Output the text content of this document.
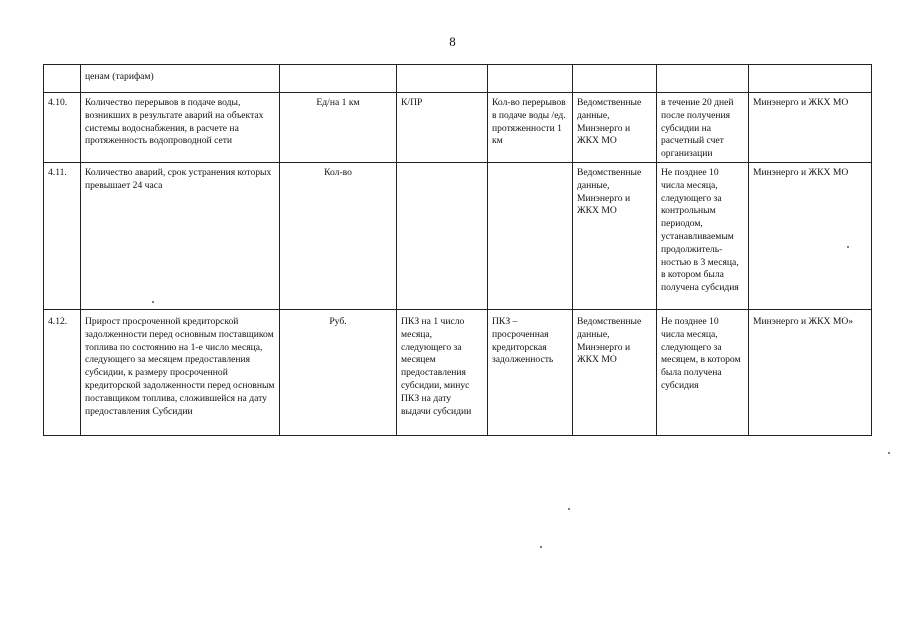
8
	ценам (тарифам)						
4.10.	Количество перерывов в подаче воды, возникших в результате аварий на объектах системы водоснабжения, в расчете на протяженность водопроводной сети	Ед/на 1 км	К/ПР	Кол-во перерывов в подаче воды /ед. протяженности 1 км	Ведомственные данные, Минэнерго и ЖКХ МО	в течение 20 дней после получения субсидии на расчетный счет организации	Минэнерго и ЖКХ МО
4.11.	Количество аварий, срок устранения которых превышает 24 часа	Кол-во			Ведомственные данные, Минэнерго и ЖКХ МО	Не позднее 10 числа месяца, следующего за контрольным периодом, устанавливаемым продолжитель-ностью в 3 месяца, в котором была получена субсидия	Минэнерго и ЖКХ МО
4.12.	Прирост просроченной кредиторской задолженности перед основным поставщиком топлива по состоянию на 1-е число месяца, следующего за месяцем предоставления субсидии, к размеру просроченной кредиторской задолженности перед основным поставщиком топлива, сложившейся на дату предоставления Субсидии	Руб.	ПКЗ на 1 число месяца, следующего за месяцем предоставления субсидии, минус ПКЗ на дату выдачи субсидии	ПКЗ – просроченная кредиторская задолженность	Ведомственные данные, Минэнерго и ЖКХ МО	Не позднее 10 числа месяца, следующего за месяцем, в котором была получена субсидия	Минэнерго и ЖКХ МО»
